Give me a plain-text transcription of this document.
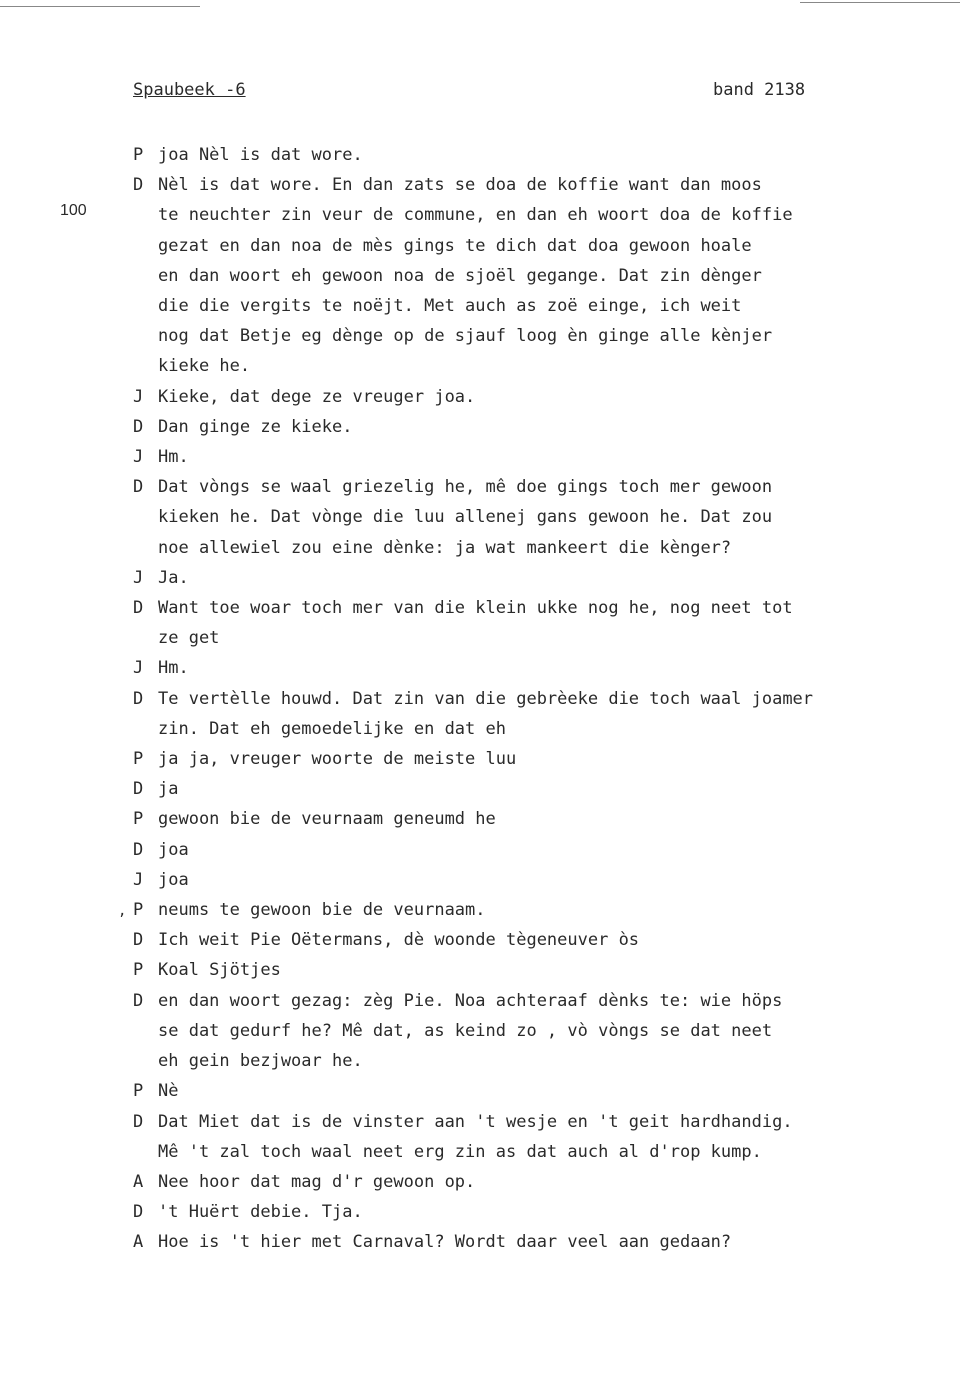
Spaubeek -6	band 2138
100
,
P joa Nèl is dat wore.
D Nèl is dat wore. En dan zats se doa de koffie want dan moos
te neuchter zin veur de commune, en dan eh woort doa de koffie
gezat en dan noa de mès gings te dich dat doa gewoon hoale
en dan woort eh gewoon noa de sjoël gegange. Dat zin dènger
die die vergits te noëjt. Met auch as zoë einge, ich weit
nog dat Betje eg dènge op de sjauf loog èn ginge alle kènjer
kieke he.
J Kieke, dat dege ze vreuger joa.
D Dan ginge ze kieke.
J Hm.
D Dat vòngs se waal griezelig he, mê doe gings toch mer gewoon
kieken he. Dat vònge die luu allenej gans gewoon he. Dat zou
noe allewiel zou eine dènke: ja wat mankeert die kènger?
J Ja.
D Want toe woar toch mer van die klein ukke nog he, nog neet tot
ze get
J Hm.
D Te vertèlle houwd. Dat zin van die gebrèeke die toch waal joamer
zin. Dat eh gemoedelijke en dat eh
P ja ja, vreuger woorte de meiste luu
D ja
P gewoon bie de veurnaam geneumd he
D joa
J joa
P neums te gewoon bie de veurnaam.
D Ich weit Pie Oëtermans, dè woonde tègeneuver òs
P Koal Sjötjes
D en dan woort gezag: zèg Pie. Noa achteraaf dènks te: wie höps
se dat gedurf he? Mê dat, as keind zo , vò vòngs se dat neet
eh gein bezjwoar he.
P Nè
D Dat Miet dat is de vinster aan 't wesje en 't geit hardhandig.
Mê 't zal toch waal neet erg zin as dat auch al d'rop kump.
A Nee hoor dat mag d'r gewoon op.
D 't Huërt debie. Tja.
A Hoe is 't hier met Carnaval? Wordt daar veel aan gedaan?
